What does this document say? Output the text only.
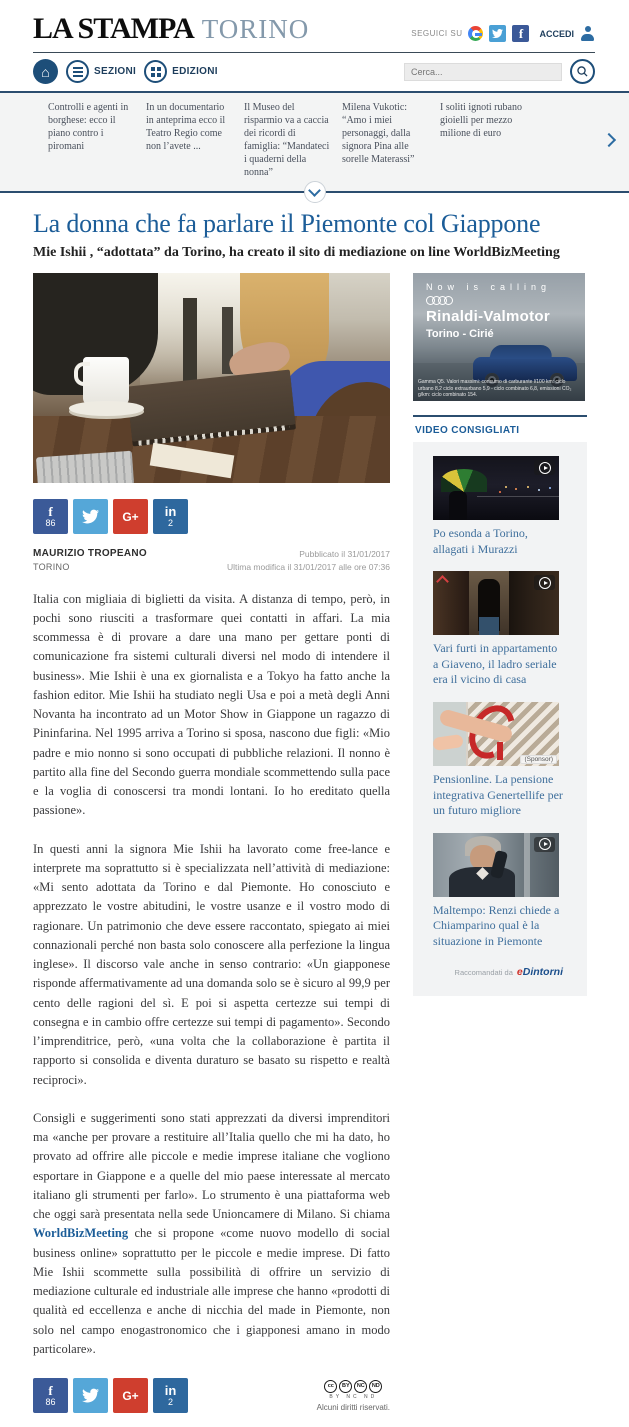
LA STAMPA TORINO	SEGUICI SU	f	ACCEDI
⌂	SEZIONI	EDIZIONI
Cerca...
Controlli e agenti in borghese: ecco il piano contro i piromani
In un documentario in anteprima ecco il Teatro Regio come non l’avete ...
Il Museo del risparmio va a caccia dei ricordi di famiglia: “Mandateci i quaderni della nonna”
Milena Vukotic: “Amo i miei personaggi, dalla signora Pina alle sorelle Materassi”
I soliti ignoti rubano gioielli per mezzo milione di euro
La donna che fa parlare il Piemonte col Giappone
Mie Ishii , “adottata” da Torino, ha creato il sito di mediazione on line WorldBizMeeting
f
86	G+ in
2
MAURIZIO TROPEANO
TORINO
Pubblicato il 31/01/2017
Ultima modifica il 31/01/2017 alle ore 07:36

Italia con migliaia di biglietti da visita. A distanza di tempo, però, in pochi sono riusciti a trasformare quei contatti in affari. La mia scommessa è di provare a dare una mano per gettare ponti di comunicazione fra sistemi culturali diversi nel modo di intendere il business». Mie Ishii è una ex giornalista e a Tokyo ha fatto anche la fashion editor. Mie Ishii ha studiato negli Usa e poi a metà degli Anni Novanta ha incontrato ad un Motor Show in Giappone un ragazzo di Pininfarina. Nel 1995 arriva a Torino si sposa, nascono due figli: «Mio padre e mio nonno si sono occupati di pubbliche relazioni. Il nonno è partito alla fine del Secondo guerra mondiale scommettendo sulla pace e la voglia di conoscersi tra mondi lontani. Io ho ereditato quella passione».

In questi anni la signora Mie Ishii ha lavorato come free-lance e interprete ma soprattutto si è specializzata nell’attività di mediazione: «Mi sento adottata da Torino e dal Piemonte. Ho conosciuto e apprezzato le vostre abitudini, le vostre usanze e il vostro modo di ragionare. Un patrimonio che deve essere raccontato, spiegato ai miei connazionali perché non basta solo conoscere alla perfezione la lingua inglese». Il discorso vale anche in senso contrario: «Un giapponese risponde affermativamente ad una domanda solo se è sicuro al 99,9 per cento delle ragioni del sì. E poi si aspetta certezze sui tempi di consegna e in cambio offre certezze sui tempi di pagamento». Secondo l’imprenditrice, però, «una volta che la collaborazione è partita il rapporto si consolida e diventa duraturo se basato su rispetto e realtà reciproci».

Consigli e suggerimenti sono stati apprezzati da diversi imprenditori ma «anche per provare a restituire all’Italia quello che mi ha dato, ho provato ad offrire alle piccole e medie imprese italiane che vogliono esportare in Giappone e a quelle del mio paese interessate al mercato italiano gli strumenti per farlo». Lo strumento è una piattaforma web che oggi sarà presentata nella sede Unioncamere di Milano. Si chiama WorldBizMeeting che si propone «come nuovo modello di social business online» soprattutto per le piccole e medie imprese. Di fatto Mie Ishii scommette sulla possibilità di offrire un servizio di mediazione culturale ed industriale alle imprese che hanno «prodotti di qualità ed eccellenza e anche di nicchia del made in Piemonte, non solo nel campo enogastronomico che i giapponesi amano in modo particolare».

f
86	G+ in
2
cc
BY
NC
ND
BY NC ND
Alcuni diritti riservati.
Now is calling
Rinaldi-Valmotor
Torino - Cirié
Gamma Q5. Valori massimi: consumo di carburante l/100 km: ciclo urbano 8,2 ciclo extraurbano 5,9 - ciclo combinato 6,8, emissioni CO₂ g/km: ciclo combinato 154.
VIDEO CONSIGLIATI
Po esonda a Torino, allagati i Murazzi
Vari furti in appartamento a Giaveno, il ladro seriale era il vicino di casa
(Sponsor)
Pensionline. La pensione integrativa Genertellife per un futuro migliore
Maltempo: Renzi chiede a Chiamparino qual è la situazione in Piemonte
Raccomandati da eDintorni
